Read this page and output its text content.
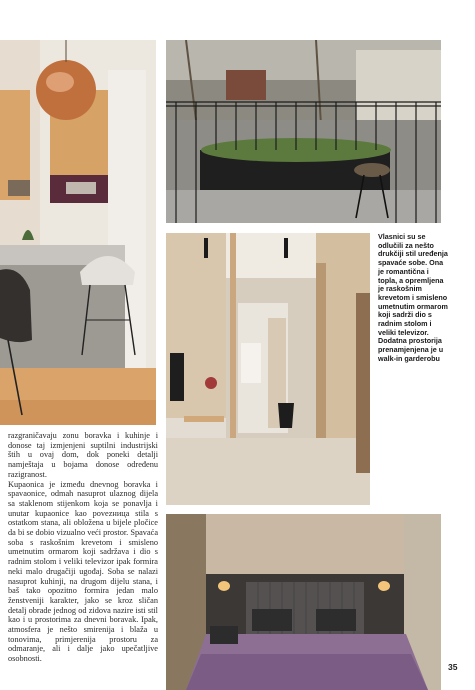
Vlasnici su se odlučili za nešto drukčiji stil uređenja spavaće sobe. Ona je romantična i topla, a opremljena je raskošnim krevetom i smisleno umetnutim ormarom koji sadrži dio s radnim stolom i veliki televizor. Dodatna prostorija prenamjenjena je u walk-in garderobu

razgraničavaju zonu boravka i kuhinje i donose taj izmjenjeni suptilni industrijski štih u ovaj dom, dok poneki detalji namještaja u bojama donose određenu razigranost.

Kupaonica je između dnevnog boravka i spavaonice, odmah nasuprot ulaznog dijela sa staklenom stijenkom koja se ponavlja i unutar kupaonice kao povezница stila s ostatkom stana, ali obložena u bijele pločice da bi se dobio vizualno veći prostor. Spavaća soba s raskošnim krevetom i smisleno umetnutim ormarom koji sadržava i dio s radnim stolom i veliki televizor ipak formira neki malo drugačiji ugođaj. Soba se nalazi nasuprot kuhinji, na drugom dijelu stana, i baš tako opozitno formira jedan malo ženstveniji karakter, jako se kroz sličan detalj obrade jednog od zidova nazire isti stil kao i u prostorima za dnevni boravak. Ipak, atmosfera je nešto smirenija i blaža u tonovima, primjerenija prostoru za odmaranje, ali i dalje jako upečatljive osobnosti.

35
